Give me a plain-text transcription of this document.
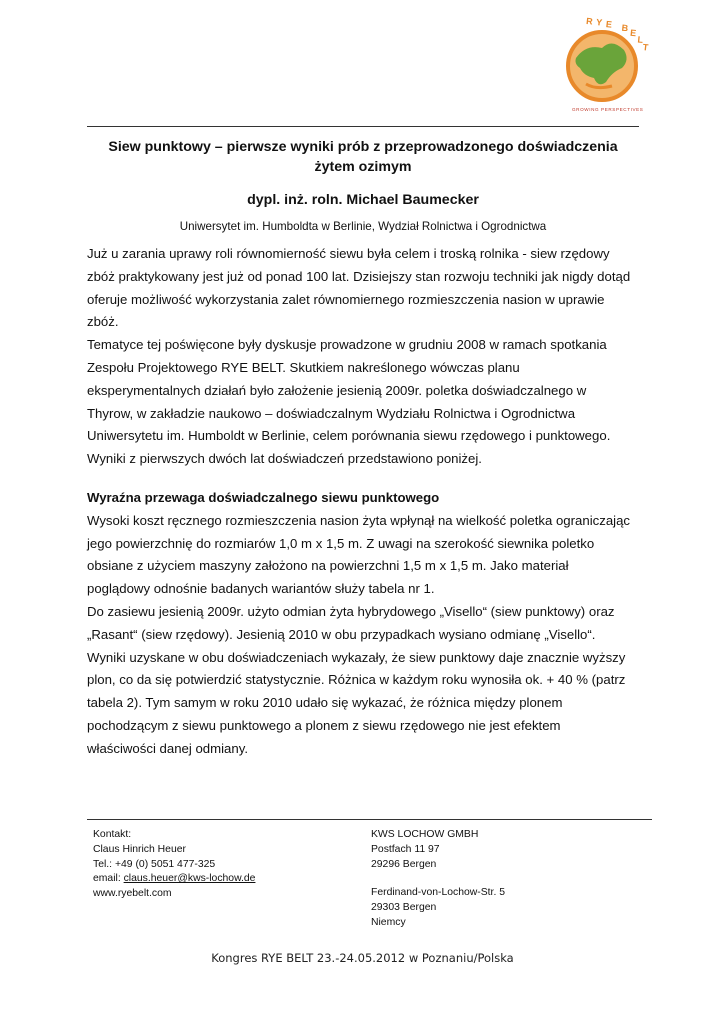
R Y E BELT
GROWING PERSPECTIVES
Siew punktowy – pierwsze wyniki prób z przeprowadzonego doświadczenia
żytem ozimym
dypl. inż. roln. Michael Baumecker
Uniwersytet im. Humboldta w Berlinie, Wydział Rolnictwa i Ogrodnictwa
Już u zarania uprawy roli równomierność siewu była celem i troską rolnika - siew rzędowy
zbóż praktykowany jest już od ponad 100 lat. Dzisiejszy stan rozwoju techniki jak nigdy dotąd
oferuje możliwość wykorzystania zalet równomiernego rozmieszczenia nasion w uprawie
zbóż.
Tematyce tej poświęcone były dyskusje prowadzone w grudniu 2008 w ramach spotkania
Zespołu Projektowego RYE BELT. Skutkiem nakreślonego wówczas planu
eksperymentalnych działań było założenie jesienią 2009r. poletka doświadczalnego w
Thyrow, w zakładzie naukowo – doświadczalnym Wydziału Rolnictwa i Ogrodnictwa
Uniwersytetu im. Humboldt w Berlinie, celem porównania siewu rzędowego i punktowego.
Wyniki z pierwszych dwóch lat doświadczeń przedstawiono poniżej.
Wyraźna przewaga doświadczalnego siewu punktowego
Wysoki koszt ręcznego rozmieszczenia nasion żyta wpłynął na wielkość poletka ograniczając
jego powierzchnię do rozmiarów 1,0 m x 1,5 m. Z uwagi na szerokość siewnika poletko
obsiane z użyciem maszyny założono na powierzchni 1,5 m x 1,5 m. Jako materiał
poglądowy odnośnie badanych wariantów służy tabela nr 1.
Do zasiewu jesienią 2009r. użyto odmian żyta hybrydowego „Visello“ (siew punktowy) oraz
„Rasant“ (siew rzędowy). Jesienią 2010 w obu przypadkach wysiano odmianę „Visello“.
Wyniki uzyskane w obu doświadczeniach wykazały, że siew punktowy daje znacznie wyższy
plon, co da się potwierdzić statystycznie. Różnica w każdym roku wynosiła ok. + 40 % (patrz
tabela 2). Tym samym w roku 2010 udało się wykazać, że różnica między plonem
pochodzącym z siewu punktowego a plonem z siewu rzędowego nie jest efektem
właściwości danej odmiany.
Kontakt:
Claus Hinrich Heuer
Tel.: +49 (0) 5051 477-325
email: claus.heuer@kws-lochow.de
www.ryebelt.com
KWS LOCHOW GMBH
Postfach 11 97
29296 Bergen
Ferdinand-von-Lochow-Str. 5
29303 Bergen
Niemcy
Kongres RYE BELT 23.-24.05.2012 w Poznaniu/Polska
